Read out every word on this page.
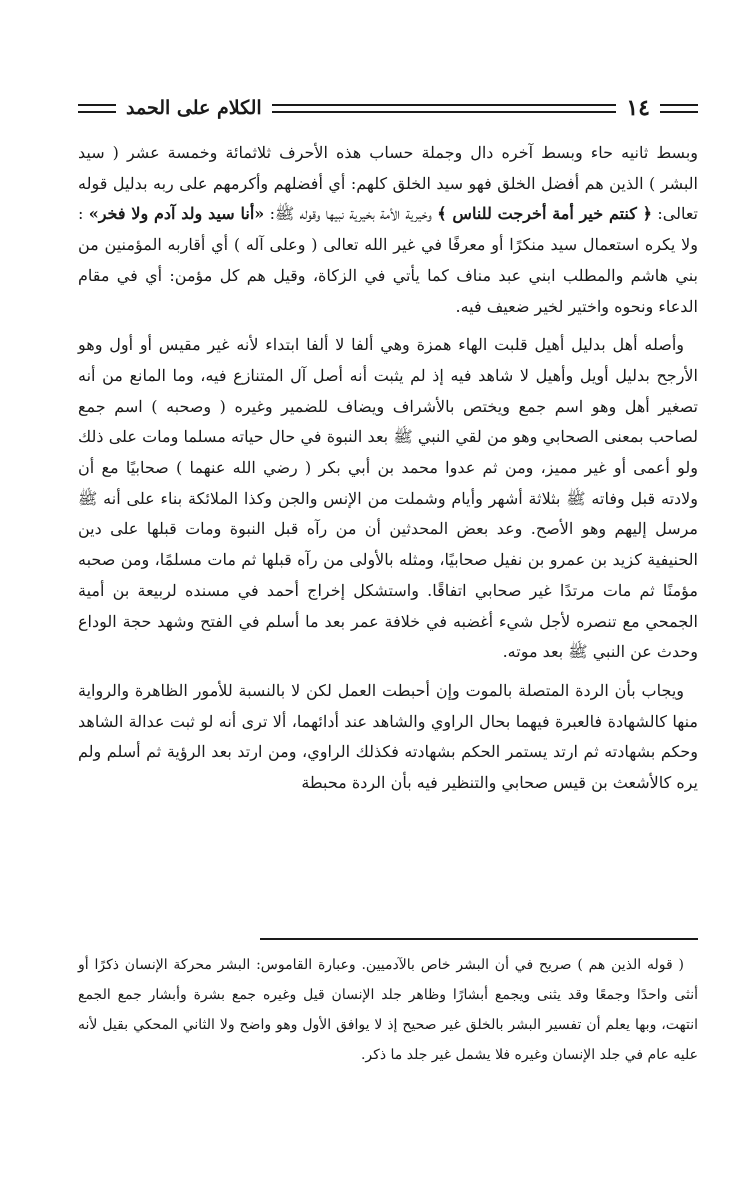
١٤
الكلام على الحمد

وبسط ثانيه حاء وبسط آخره دال وجملة حساب هذه الأحرف ثلاثمائة وخمسة عشر ( سيد البشر ) الذين هم أفضل الخلق فهو سيد الخلق كلهم: أي أفضلهم وأكرمهم على ربه بدليل قوله تعالى: ﴿ كنتم خير أمة أخرجت للناس ﴾ وخيرية الأمة بخيرية نبيها وقوله ﷺ: «أنا سيد ولد آدم ولا فخر» : ولا يكره استعمال سيد منكرًا أو معرفًا في غير الله تعالى ( وعلى آله ) أي أقاربه المؤمنين من بني هاشم والمطلب ابني عبد مناف كما يأتي في الزكاة، وقيل هم كل مؤمن: أي في مقام الدعاء ونحوه واختير لخير ضعيف فيه.

وأصله أهل بدليل أهيل قلبت الهاء همزة وهي ألفا لا ألفا ابتداء لأنه غير مقيس أو أول وهو الأرجح بدليل أويل وأهيل لا شاهد فيه إذ لم يثبت أنه أصل آل المتنازع فيه، وما المانع من أنه تصغير أهل وهو اسم جمع ويختص بالأشراف ويضاف للضمير وغيره ( وصحبه ) اسم جمع لصاحب بمعنى الصحابي وهو من لقي النبي ﷺ بعد النبوة في حال حياته مسلما ومات على ذلك ولو أعمى أو غير مميز، ومن ثم عدوا محمد بن أبي بكر ( رضي الله عنهما ) صحابيًا مع أن ولادته قبل وفاته ﷺ بثلاثة أشهر وأيام وشملت من الإنس والجن وكذا الملائكة بناء على أنه ﷺ مرسل إليهم وهو الأصح. وعد بعض المحدثين أن من رآه قبل النبوة ومات قبلها على دين الحنيفية كزيد بن عمرو بن نفيل صحابيًا، ومثله بالأولى من رآه قبلها ثم مات مسلمًا، ومن صحبه مؤمنًا ثم مات مرتدًا غير صحابي اتفاقًا. واستشكل إخراج أحمد في مسنده لربيعة بن أمية الجمحي مع تنصره لأجل شيء أغضبه في خلافة عمر بعد ما أسلم في الفتح وشهد حجة الوداع وحدث عن النبي ﷺ بعد موته.

ويجاب بأن الردة المتصلة بالموت وإن أحبطت العمل لكن لا بالنسبة للأمور الظاهرة والرواية منها كالشهادة فالعبرة فيهما بحال الراوي والشاهد عند أدائهما، ألا ترى أنه لو ثبت عدالة الشاهد وحكم بشهادته ثم ارتد يستمر الحكم بشهادته فكذلك الراوي، ومن ارتد بعد الرؤية ثم أسلم ولم يره كالأشعث بن قيس صحابي والتنظير فيه بأن الردة محبطة

( قوله الذين هم ) صريح في أن البشر خاص بالآدميين. وعبارة القاموس: البشر محركة الإنسان ذكرًا أو أنثى واحدًا وجمعًا وقد يثنى ويجمع أبشارًا وظاهر جلد الإنسان قيل وغيره جمع بشرة وأبشار جمع الجمع انتهت، وبها يعلم أن تفسير البشر بالخلق غير صحيح إذ لا يوافق الأول وهو واضح ولا الثاني المحكي بقيل لأنه عليه عام في جلد الإنسان وغيره فلا يشمل غير جلد ما ذكر.
